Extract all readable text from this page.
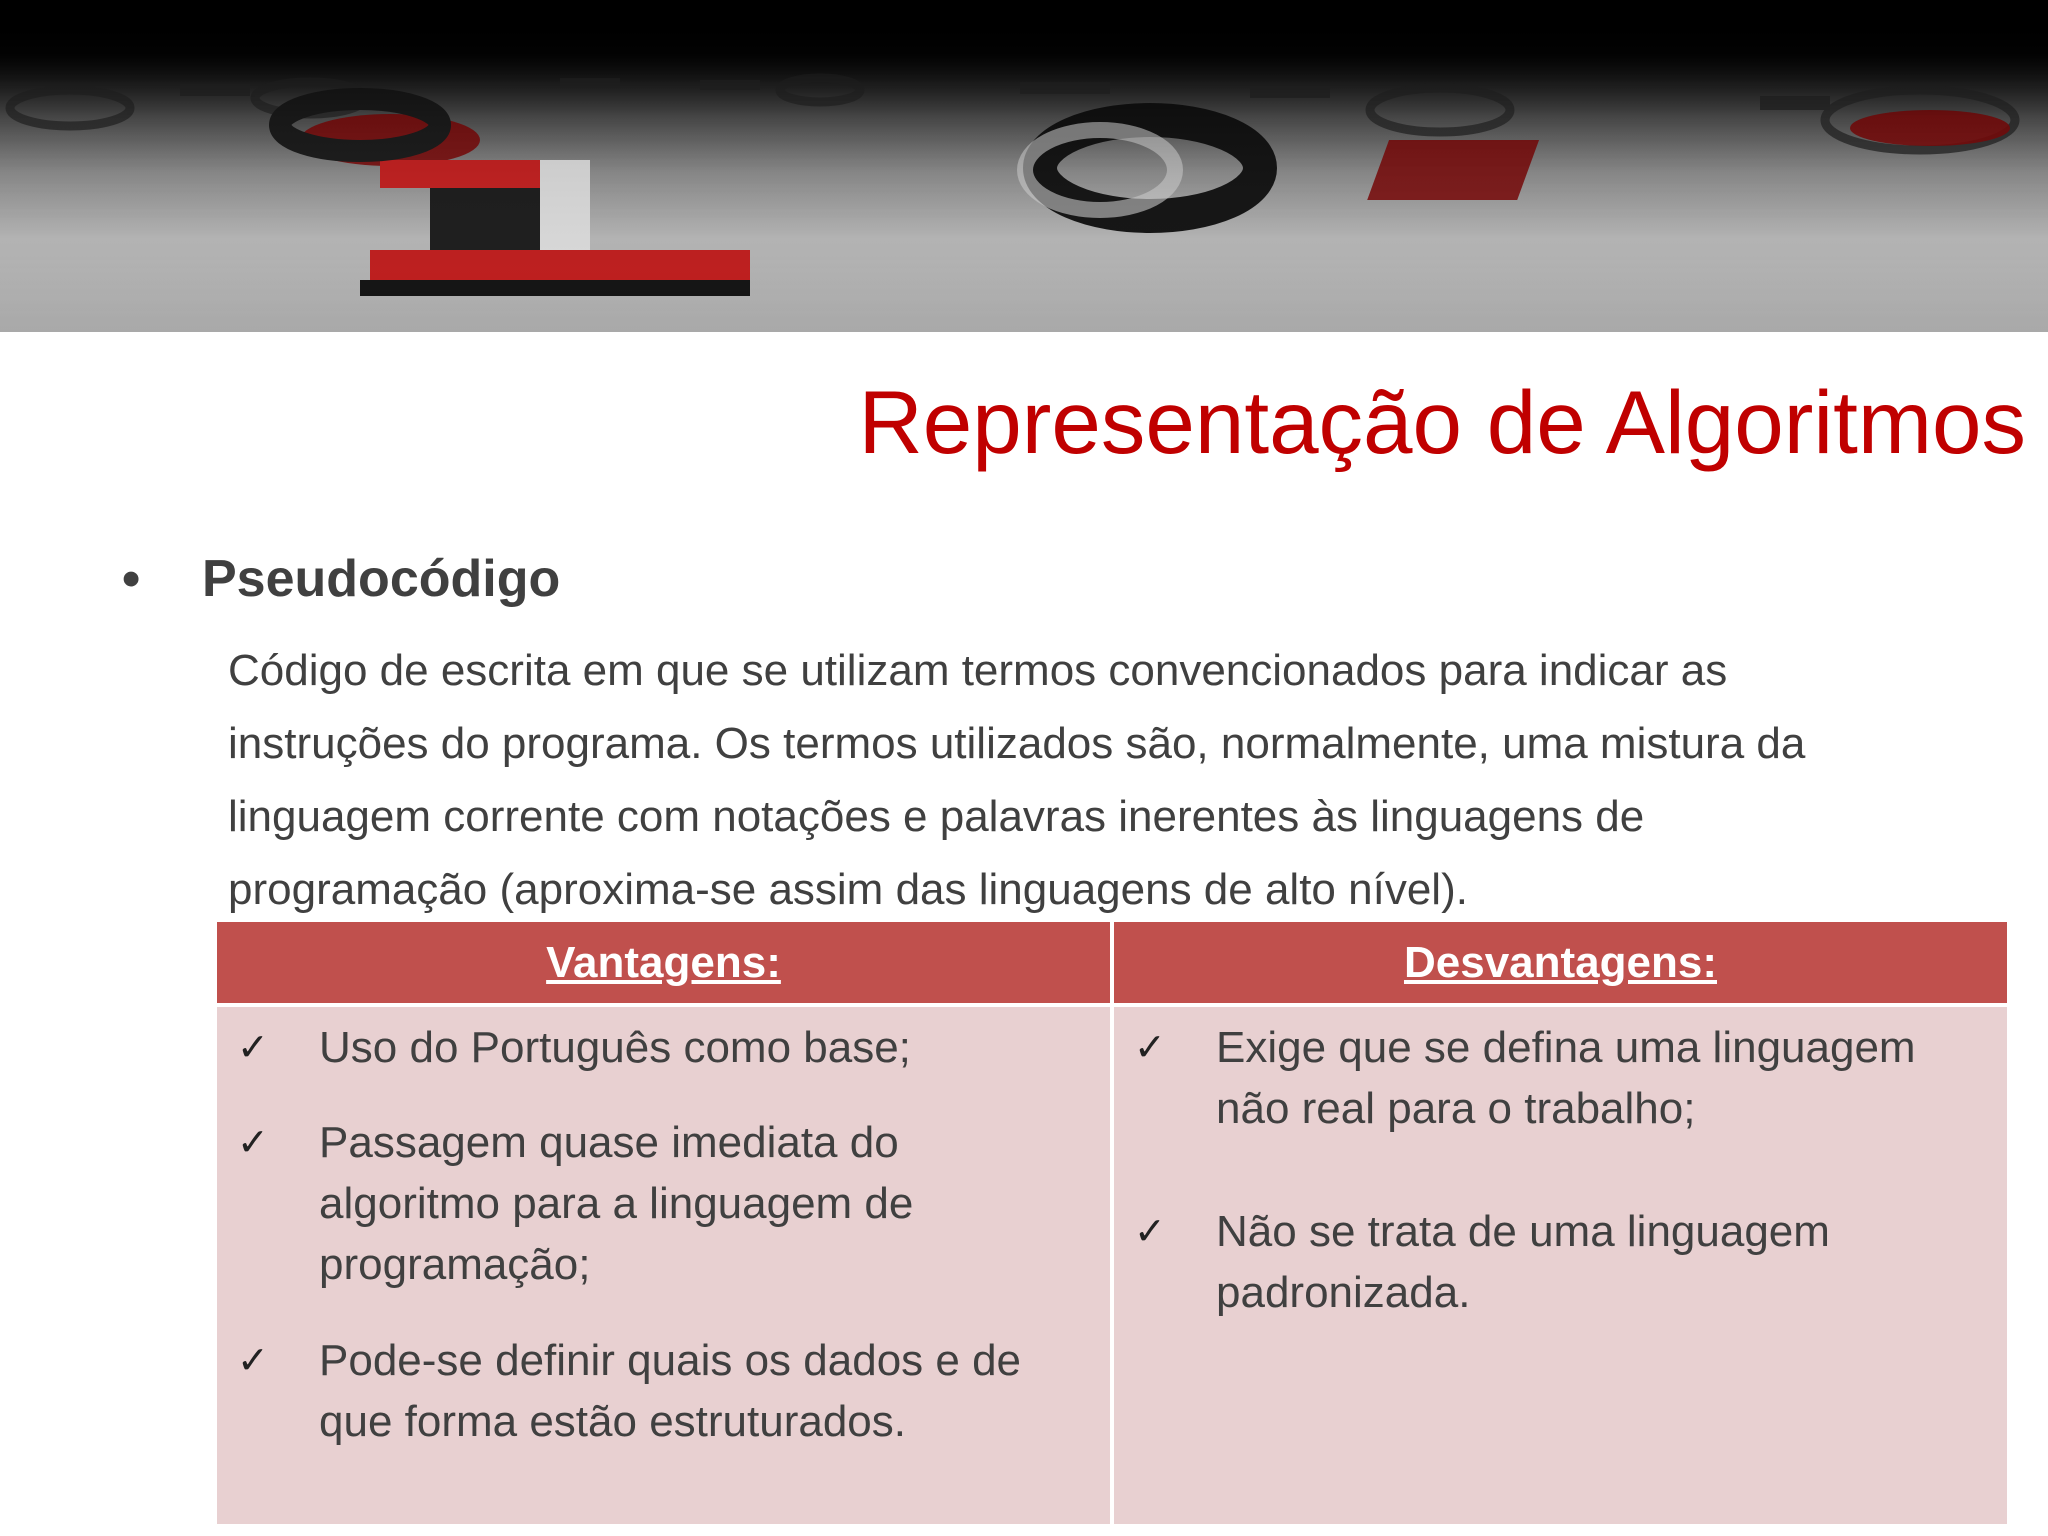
Representação de Algoritmos
•	Pseudocódigo
Código de escrita em que se utilizam termos convencionados para indicar as
instruções do programa. Os termos utilizados são, normalmente, uma mistura da
linguagem corrente com notações e palavras inerentes às linguagens de
programação (aproxima-se assim das linguagens de alto nível).
Vantagens:	Desvantagens:
✓ Uso do Português como base;
✓ Passagem quase imediata do algoritmo para a linguagem de programação;
✓ Pode-se definir quais os dados e de que forma estão estruturados.
✓ Exige que se defina uma linguagem não real para o trabalho;
✓ Não se trata de uma linguagem padronizada.
